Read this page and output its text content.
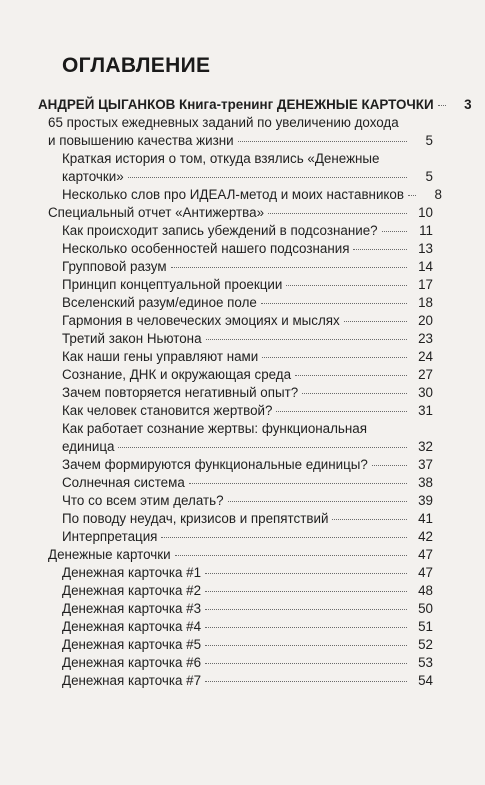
ОГЛАВЛЕНИЕ
АНДРЕЙ ЦЫГАНКОВ Книга-тренинг ДЕНЕЖНЫЕ КАРТОЧКИ	3
65 простых ежедневных заданий по увеличению дохода
и повышению качества жизни	5
Краткая история о том, откуда взялись «Денежные
карточки»	5
Несколько слов про ИДЕАЛ-метод и моих наставников	8
Специальный отчет «Антижертва»	10
Как происходит запись убеждений в подсознание?	11
Несколько особенностей нашего подсознания	13
Групповой разум	14
Принцип концептуальной проекции	17
Вселенский разум/единое поле	18
Гармония в человеческих эмоциях и мыслях	20
Третий закон Ньютона	23
Как наши гены управляют нами	24
Сознание, ДНК и окружающая среда	27
Зачем повторяется негативный опыт?	30
Как человек становится жертвой?	31
Как работает сознание жертвы: функциональная
единица	32
Зачем формируются функциональные единицы?	37
Солнечная система	38
Что со всем этим делать?	39
По поводу неудач, кризисов и препятствий	41
Интерпретация	42
Денежные карточки	47
Денежная карточка #1	47
Денежная карточка #2	48
Денежная карточка #3	50
Денежная карточка #4	51
Денежная карточка #5	52
Денежная карточка #6	53
Денежная карточка #7	54
